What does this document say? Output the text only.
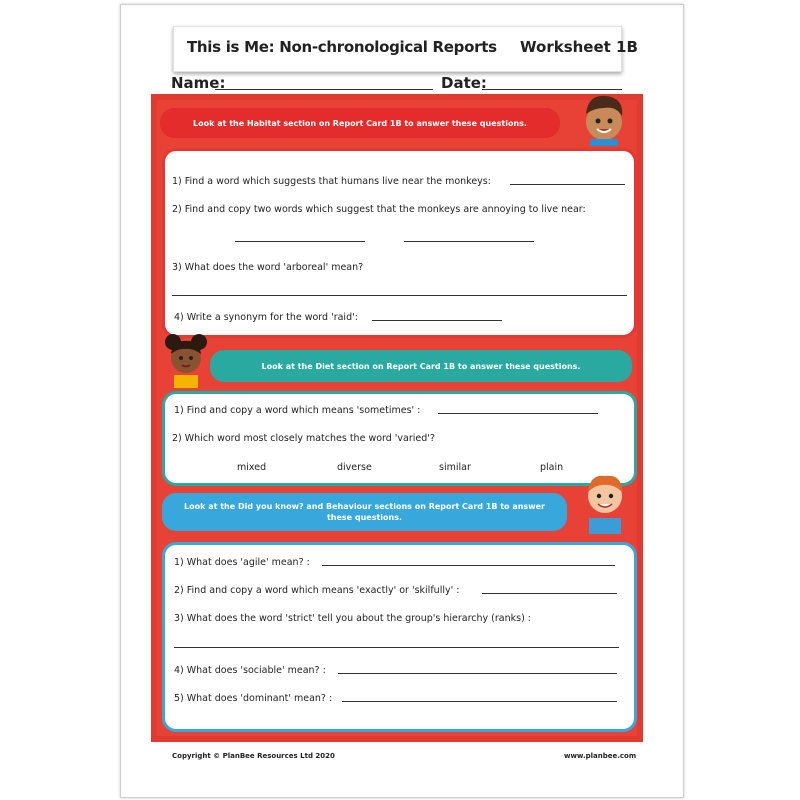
This is Me: Non-chronological Reports Worksheet 1B
Name:	Date:
Look at the Habitat section on Report Card 1B to answer these questions.
1) Find a word which suggests that humans live near the monkeys:
2) Find and copy two words which suggest that the monkeys are annoying to live near:
3) What does the word 'arboreal' mean?
4) Write a synonym for the word 'raid':
Look at the Diet section on Report Card 1B to answer these questions.
1) Find and copy a word which means 'sometimes' :
2) Which word most closely matches the word 'varied'?
mixed	diverse	similar	plain
Look at the Did you know? and Behaviour sections on Report Card 1B to answer these questions.
1) What does 'agile' mean? :
2) Find and copy a word which means 'exactly' or 'skilfully' :
3) What does the word 'strict' tell you about the group's hierarchy (ranks) :
4) What does 'sociable' mean? :
5) What does 'dominant' mean? :
Copyright © PlanBee Resources Ltd 2020	www.planbee.com
